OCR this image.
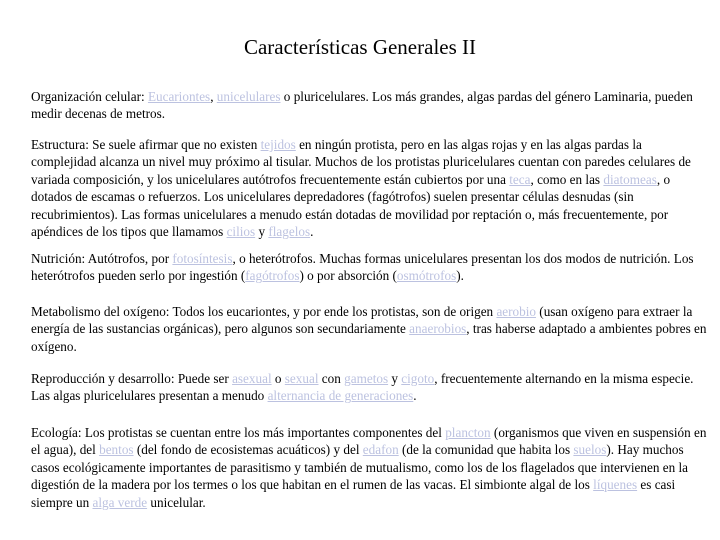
Características Generales II

Organización celular: Eucariontes, unicelulares o pluricelulares. Los más grandes, algas pardas del género Laminaria, pueden medir decenas de metros.

Estructura: Se suele afirmar que no existen tejidos en ningún protista, pero en las algas rojas y en las algas pardas la complejidad alcanza un nivel muy próximo al tisular. Muchos de los protistas pluricelulares cuentan con paredes celulares de variada composición, y los unicelulares autótrofos frecuentemente están cubiertos por una teca, como en las diatomeas, o dotados de escamas o refuerzos. Los unicelulares depredadores (fagótrofos) suelen presentar células desnudas (sin recubrimientos). Las formas unicelulares a menudo están dotadas de movilidad por reptación o, más frecuentemente, por apéndices de los tipos que llamamos cilios y flagelos.

Nutrición: Autótrofos, por fotosíntesis, o heterótrofos. Muchas formas unicelulares presentan los dos modos de nutrición. Los heterótrofos pueden serlo por ingestión (fagótrofos) o por absorción (osmótrofos).

Metabolismo del oxígeno: Todos los eucariontes, y por ende los protistas, son de origen aerobio (usan oxígeno para extraer la energía de las sustancias orgánicas), pero algunos son secundariamente anaerobios, tras haberse adaptado a ambientes pobres en oxígeno.

Reproducción y desarrollo: Puede ser asexual o sexual con gametos y cigoto, frecuentemente alternando en la misma especie. Las algas pluricelulares presentan a menudo alternancia de generaciones.

Ecología: Los protistas se cuentan entre los más importantes componentes del plancton (organismos que viven en suspensión en el agua), del bentos (del fondo de ecosistemas acuáticos) y del edafon (de la comunidad que habita los suelos). Hay muchos casos ecológicamente importantes de parasitismo y también de mutualismo, como los de los flagelados que intervienen en la digestión de la madera por los termes o los que habitan en el rumen de las vacas. El simbionte algal de los líquenes es casi siempre un alga verde unicelular.
